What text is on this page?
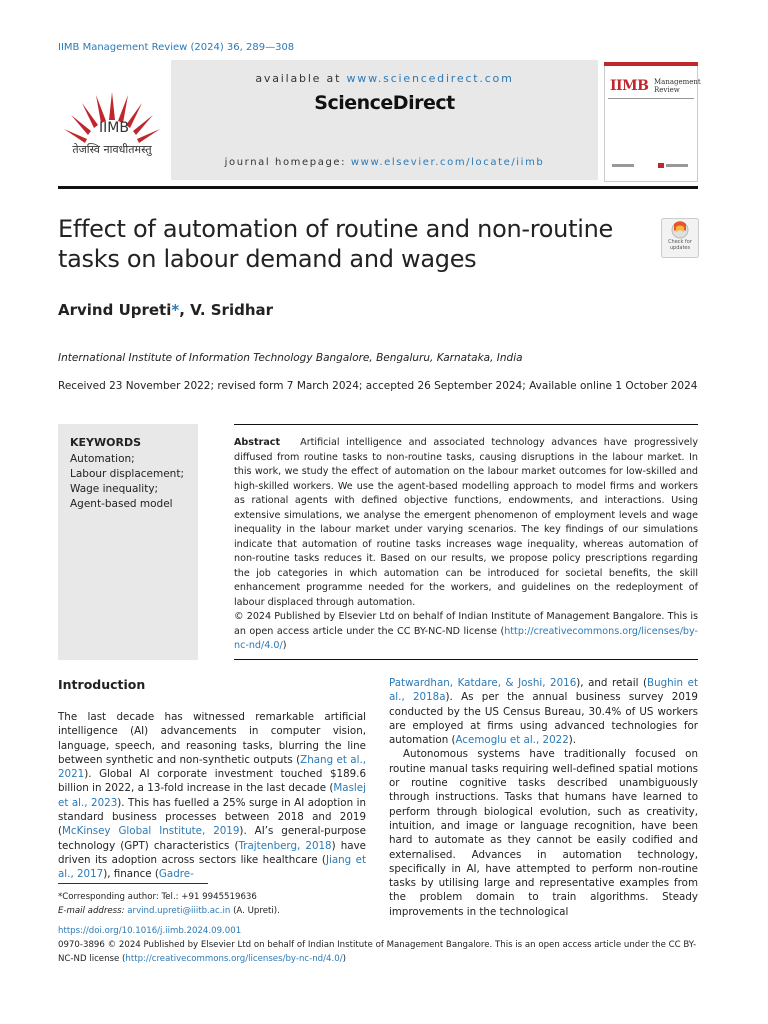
IIMB Management Review (2024) 36, 289—308
IIMB
तेजस्वि नावधीतमस्तु
available at www.sciencedirect.com
ScienceDirect
journal homepage: www.elsevier.com/locate/iimb
IIMB Management
Review
Effect of automation of routine and non-routine tasks on labour demand and wages
Check for
updates
Arvind Upreti*, V. Sridhar
International Institute of Information Technology Bangalore, Bengaluru, Karnataka, India
Received 23 November 2022; revised form 7 March 2024; accepted 26 September 2024; Available online 1 October 2024
KEYWORDS
Automation;
Labour displacement;
Wage inequality;
Agent-based model
Abstract Artificial intelligence and associated technology advances have progressively diffused from routine tasks to non-routine tasks, causing disruptions in the labour market. In this work, we study the effect of automation on the labour market outcomes for low-skilled and high-skilled workers. We use the agent-based modelling approach to model firms and workers as rational agents with defined objective functions, endowments, and interactions. Using extensive simulations, we analyse the emergent phenomenon of employment levels and wage inequality in the labour market under varying scenarios. The key findings of our simulations indicate that automation of routine tasks increases wage inequality, whereas automation of non-routine tasks reduces it. Based on our results, we propose policy prescriptions regarding the job categories in which automation can be introduced for societal benefits, the skill enhancement programme needed for the workers, and guidelines on the redeployment of labour displaced through automation.
© 2024 Published by Elsevier Ltd on behalf of Indian Institute of Management Bangalore. This is an open access article under the CC BY-NC-ND license (http://creativecommons.org/licenses/by-nc-nd/4.0/)
Introduction

The last decade has witnessed remarkable artificial intelligence (AI) advancements in computer vision, language, speech, and reasoning tasks, blurring the line between synthetic and non-synthetic outputs (Zhang et al., 2021). Global AI corporate investment touched $189.6 billion in 2022, a 13-fold increase in the last decade (Maslej et al., 2023). This has fuelled a 25% surge in AI adoption in standard business processes between 2018 and 2019 (McKinsey Global Institute, 2019). AI’s general-purpose technology (GPT) characteristics (Trajtenberg, 2018) have driven its adoption across sectors like healthcare (Jiang et al., 2017), finance (Gadre-

Patwardhan, Katdare, & Joshi, 2016), and retail (Bughin et al., 2018a). As per the annual business survey 2019 conducted by the US Census Bureau, 30.4% of US workers are employed at firms using advanced technologies for automation (Acemoglu et al., 2022).

Autonomous systems have traditionally focused on routine manual tasks requiring well-defined spatial motions or routine cognitive tasks described unambiguously through instructions. Tasks that humans have learned to perform through biological evolution, such as creativity, intuition, and image or language recognition, have been hard to automate as they cannot be easily codified and externalised. Advances in automation technology, specifically in AI, have attempted to perform non-routine tasks by utilising large and representative examples from the problem domain to train algorithms. Steady improvements in the technological

*Corresponding author: Tel.: +91 9945519636
E-mail address: arvind.upreti@iiitb.ac.in (A. Upreti).
https://doi.org/10.1016/j.iimb.2024.09.001
0970-3896 © 2024 Published by Elsevier Ltd on behalf of Indian Institute of Management Bangalore. This is an open access article under the CC BY-NC-ND license (http://creativecommons.org/licenses/by-nc-nd/4.0/)
